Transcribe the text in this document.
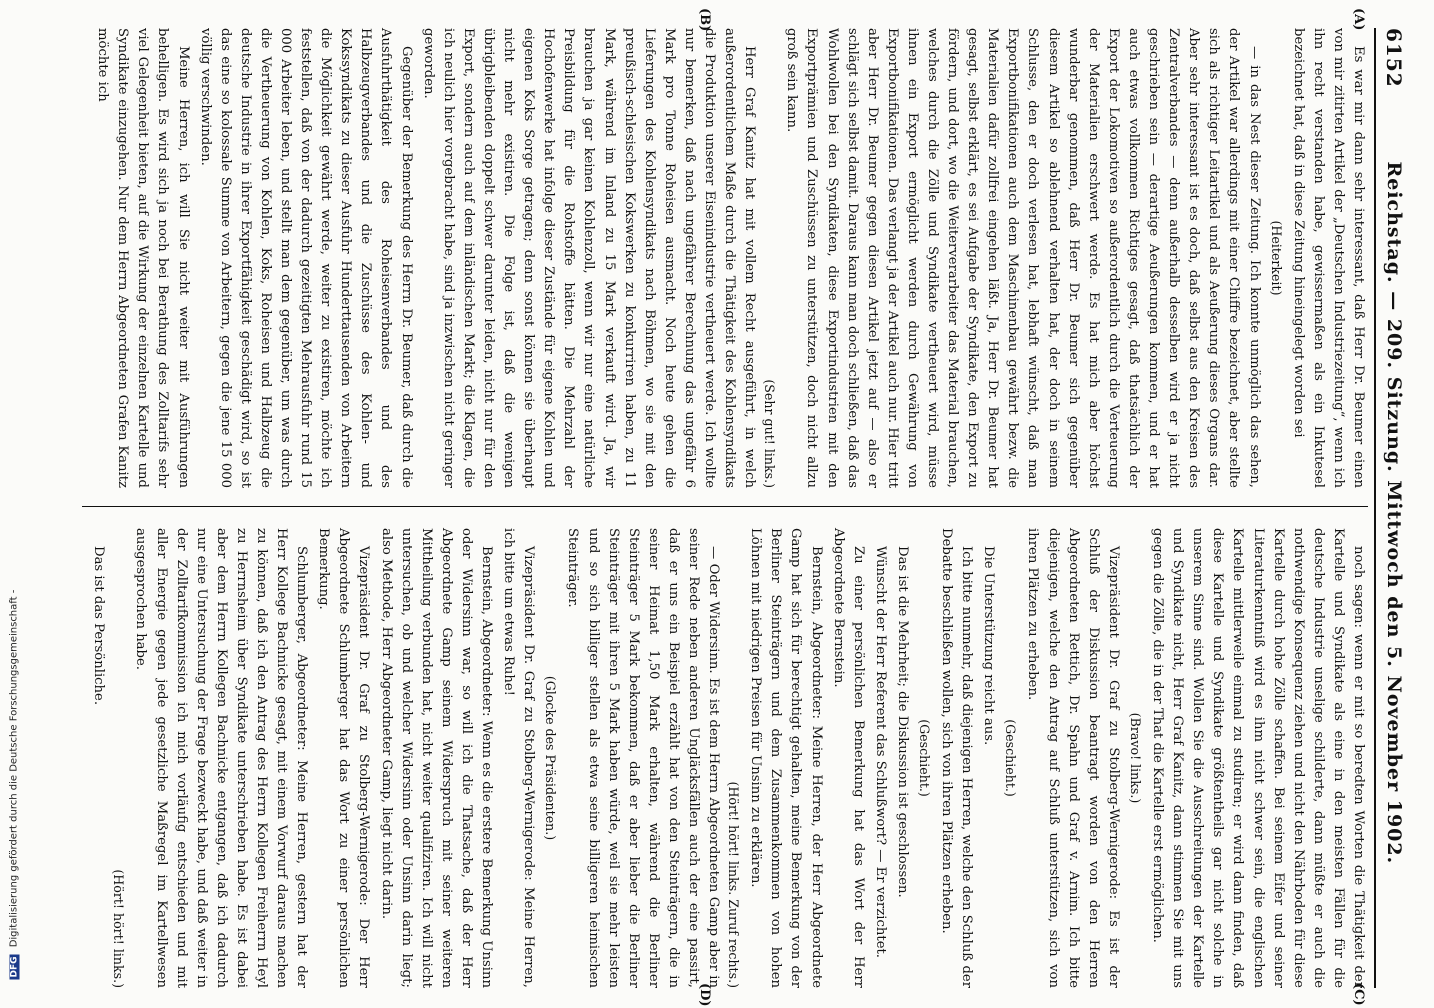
6152
Reichstag. — 209. Sitzung. Mittwoch den 5. November 1902.

Es war mir dann sehr interessant, daß Herr Dr. Beumer einen von mir zitirten Artikel der „Deutschen Industriezeitung“, wenn ich ihn recht verstanden habe, gewissermaßen als ein Inkutesel bezeichnet hat, daß in diese Zeitung hineingelegt worden sei

(Heiterkeit)

— in das Nest dieser Zeitung. Ich konnte unmöglich das sehen, der Artikel war allerdings mit einer Chiffre bezeichnet, aber stellte sich als richtiger Leitartikel und als Aeußerung dieses Organs dar. Aber sehr interessant ist es doch, daß selbst aus den Kreisen des Zentralverbandes — denn außerhalb desselben wird er ja nicht geschrieben sein — derartige Aeußerungen kommen, und er hat auch etwas vollkommen Richtiges gesagt, daß thatsächlich der Export der Lokomotiven so außerordentlich durch die Verteuerung der Materialien erschwert werde. Es hat mich aber höchst wunderbar genommen, daß Herr Dr. Beumer sich gegenüber diesem Artikel so ablehnend verhalten hat, der doch in seinem Schlusse, den er doch verlesen hat, lebhaft wünscht, daß man Exportbonifikationen auch dem Maschinenbau gewährt bezw. die Materialien dafür zollfrei eingehen läßt. Ja, Herr Dr. Beumer hat gesagt, selbst erklärt, es sei Aufgabe der Syndikate, den Export zu fördern, und dort, wo die Weiterverarbeiter das Material brauchen, welches durch die Zölle und Syndikate vertheuert wird, müsse ihnen ein Export ermöglicht werden durch Gewährung von Exportbonifikationen. Das verlangt ja der Artikel auch nur. Hier tritt aber Herr Dr. Beumer gegen diesen Artikel jetzt auf — also er schlägt sich selbst damit. Daraus kann man doch schließen, daß das Wohlwollen bei den Syndikaten, diese Exportindustrien mit den Exportprämien und Zuschüssen zu unterstützen, doch nicht allzu groß sein kann.

(Sehr gut! links.)

Herr Graf Kanitz hat mit vollem Recht ausgeführt, in welch außerordentlichem Maße durch die Thätigkeit des Kohlensyndikats die Produktion unserer Eisenindustrie vertheuert werde. Ich wollte nur bemerken, daß nach ungefährer Berechnung das ungefähr 6 Mark pro Tonne Roheisen ausmacht. Noch heute gehen die Lieferungen des Kohlensyndikats nach Böhmen, wo sie mit den preußisch-schlesischen Kokswerken zu konkurriren haben, zu 11 Mark, während im Inland zu 15 Mark verkauft wird. Ja, wir brauchen ja gar keinen Kohlenzoll, wenn wir nur eine natürliche Preisbildung für die Rohstoffe hätten. Die Mehrzahl der Hochofenwerke hat infolge dieser Zustände für eigene Kohlen und eigenen Koks Sorge getragen; denn sonst können sie überhaupt nicht mehr existiren. Die Folge ist, daß die wenigen übrigbleibenden doppelt schwer darunter leiden, nicht nur für den Export, sondern auch auf dem inländischen Markt; die Klagen, die ich neulich hier vorgebracht habe, sind ja inzwischen nicht geringer geworden.

Gegenüber der Bemerkung des Herrn Dr. Beumer, daß durch die Ausfuhrthätigkeit des Roheisenverbandes und des Halbzeugverbandes und die Zuschüsse des Kohlen- und Kokssyndikats zu dieser Ausfuhr Hunderttausenden von Arbeitern die Möglichkeit gewährt werde, weiter zu existiren, möchte ich feststellen, daß von der dadurch gezeitigten Mehrausfuhr rund 15 000 Arbeiter leben, und stellt man dem gegenüber, um was durch die Vertheuerung von Kohlen, Koks, Roheisen und Halbzeug die deutsche Industrie in ihrer Exportfähigkeit geschädigt wird, so ist das eine so kolossale Summe von Arbeitern, gegen die jene 15 000 völlig verschwinden.

Meine Herren, ich will Sie nicht weiter mit Ausführungen behelligen. Es wird sich ja noch bei Berathung des Zolltarifs sehr viel Gelegenheit bieten, auf die Wirkung der einzelnen Kartelle und Syndikate einzugehen. Nur dem Herrn Abgeordneten Grafen Kanitz möchte ich

noch sagen: wenn er mit so beredten Worten die Thätigkeit der Kartelle und Syndikate als eine in den meisten Fällen für die deutsche Industrie unselige schilderte, dann müßte er auch die nothwendige Konsequenz ziehen und nicht den Nährboden für diese Kartelle durch hohe Zölle schaffen. Bei seinem Eifer und seiner Literaturkenntniß wird es ihm nicht schwer sein, die englischen Kartelle mittlerweile einmal zu studiren; er wird dann finden, daß diese Kartelle und Syndikate größtentheils gar nicht solche in unserem Sinne sind. Wollen Sie die Ausschreitungen der Kartelle und Syndikate nicht, Herr Graf Kanitz, dann stimmen Sie mit uns gegen die Zölle, die in der That die Kartelle erst ermöglichen.

(Bravo! links.)

Vizepräsident Dr. Graf zu Stolberg-Wernigerode: Es ist der Schluß der Diskussion beantragt worden von den Herren Abgeordneten Rettich, Dr. Spahn und Graf v. Arnim. Ich bitte diejenigen, welche den Antrag auf Schluß unterstützen, sich von ihren Plätzen zu erheben.

(Geschieht.)

Die Unterstützung reicht aus.

Ich bitte nunmehr, daß diejenigen Herren, welche den Schluß der Debatte beschließen wollen, sich von ihren Plätzen erheben.

(Geschieht.)

Das ist die Mehrheit; die Diskussion ist geschlossen.

Wünscht der Herr Referent das Schlußwort? — Er verzichtet.

Zu einer persönlichen Bemerkung hat das Wort der Herr Abgeordnete Bernstein.

Bernstein, Abgeordneter: Meine Herren, der Herr Abgeordnete Gamp hat sich für berechtigt gehalten, meine Bemerkung von der Berliner Steinträgern und dem Zusammenkommen von hohen Löhnen mit niedrigen Preisen für Unsinn zu erklären.

(Hört! hört! links. Zuruf rechts.)

— Oder Widersinn. Es ist dem Herrn Abgeordneten Gamp aber in seiner Rede neben anderen Ungläcksfällen auch der eine passirt, daß er uns ein Beispiel erzählt hat von den Steinträgern, die in seiner Heimat 1,50 Mark erhalten, während die Berliner Steinträger 5 Mark bekommen, daß er aber lieber die Berliner Steinträger mit ihren 5 Mark haben würde, weil sie mehr leisten und so sich billiger stellen als etwa seine billigeren heimischen Steinträger.

(Glocke des Präsidenten.)

Vizepräsident Dr. Graf zu Stolberg-Wernigerode: Meine Herren, ich bitte um etwas Ruhe!

Bernstein, Abgeordneter: Wenn es die erstere Bemerkung Unsinn oder Widersinn war, so will ich die Thatsache, daß der Herr Abgeordnete Gamp seinem Widerspruch mit seiner weiteren Mittheilung verbunden hat, nicht weiter qualifiziren. Ich will nicht untersuchen, ob und welcher Widersinn oder Unsinn darin liegt; also Methode, Herr Abgeordneter Gamp, liegt nicht darin.

Vizepräsident Dr. Graf zu Stolberg-Wernigerode: Der Herr Abgeordnete Schlumberger hat das Wort zu einer persönlichen Bemerkung.

Schlumberger, Abgeordneter: Meine Herren, gestern hat der Herr Kollege Bachnicke gesagt, mit einem Vorwurf daraus machen zu können, daß ich den Antrag des Herrn Kollegen Freiherrn Heyl zu Herrnsheim über Syndikate unterschrieben habe. Es ist dabei aber dem Herrn Kollegen Bachnicke entgangen, daß ich dadurch nur eine Untersuchung der Frage bezweckt habe, und daß weiter in der Zolltarifkommission ich mich vorläufig entschieden und mit aller Energie gegen jede gesetzliche Maßregel im Kartellwesen ausgesprochen habe.

(Hört! hört! links.)

Das ist das Persönliche.

(A)
(B)
(C)
(D)
DFG Digitalisierung gefördert durch die Deutsche Forschungsgemeinschaft -
